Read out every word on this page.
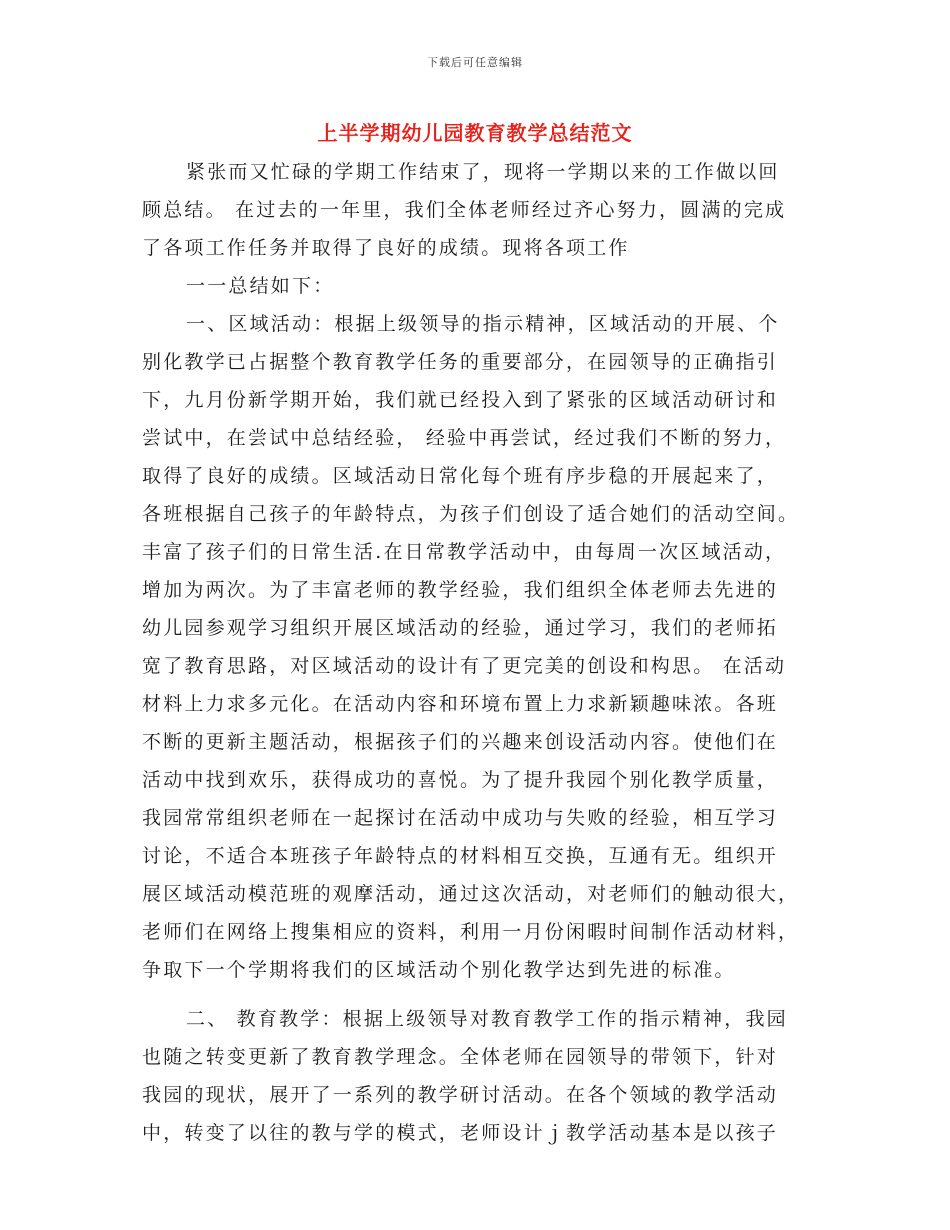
下载后可任意编辑
上半学期幼儿园教育教学总结范文
紧张而又忙碌的学期工作结束了，现将一学期以来的工作做以回
顾总结。 在过去的一年里，我们全体老师经过齐心努力，圆满的完成
了各项工作任务并取得了良好的成绩。现将各项工作
一一总结如下：
一、区域活动：根据上级领导的指示精神，区域活动的开展、个
别化教学已占据整个教育教学任务的重要部分，在园领导的正确指引
下，九月份新学期开始，我们就已经投入到了紧张的区域活动研讨和
尝试中，在尝试中总结经验， 经验中再尝试，经过我们不断的努力，
取得了良好的成绩。区域活动日常化每个班有序步稳的开展起来了，
各班根据自己孩子的年龄特点，为孩子们创设了适合她们的活动空间。
丰富了孩子们的日常生活.在日常教学活动中，由每周一次区域活动，
增加为两次。为了丰富老师的教学经验，我们组织全体老师去先进的
幼儿园参观学习组织开展区域活动的经验，通过学习，我们的老师拓
宽了教育思路，对区域活动的设计有了更完美的创设和构思。 在活动
材料上力求多元化。在活动内容和环境布置上力求新颖趣味浓。各班
不断的更新主题活动，根据孩子们的兴趣来创设活动内容。使他们在
活动中找到欢乐，获得成功的喜悦。为了提升我园个别化教学质量，
我园常常组织老师在一起探讨在活动中成功与失败的经验，相互学习
讨论，不适合本班孩子年龄特点的材料相互交换，互通有无。组织开
展区域活动模范班的观摩活动，通过这次活动，对老师们的触动很大，
老师们在网络上搜集相应的资料，利用一月份闲暇时间制作活动材料，
争取下一个学期将我们的区域活动个别化教学达到先进的标准。
二、 教育教学：根据上级领导对教育教学工作的指示精神，我园
也随之转变更新了教育教学理念。全体老师在园领导的带领下，针对
我园的现状，展开了一系列的教学研讨活动。在各个领域的教学活动
中，转变了以往的教与学的模式，老师设计ｊ教学活动基本是以孩子
